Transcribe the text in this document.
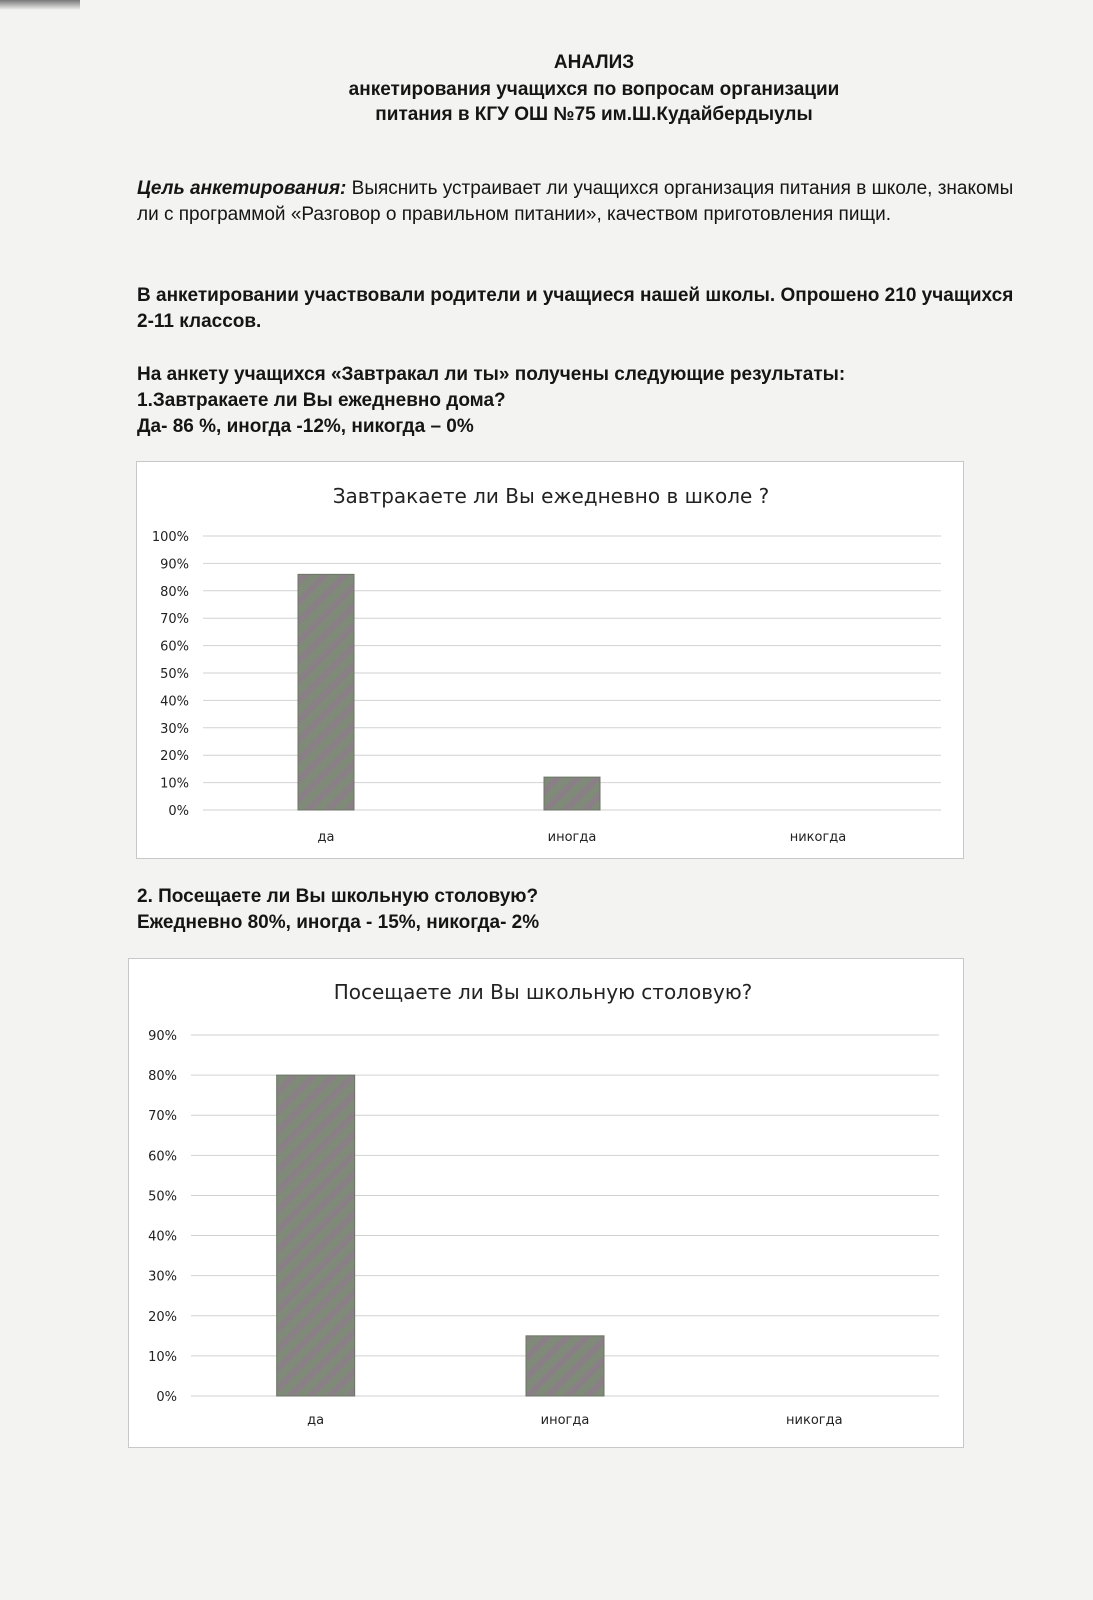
АНАЛИЗ
анкетирования учащихся по вопросам организации
питания в КГУ ОШ №75 им.Ш.Кудайбердыулы
Цель анкетирования: Выяснить устраивает ли учащихся организация питания в школе, знакомы ли с программой «Разговор о правильном питании», качеством приготовления пищи.
В анкетировании участвовали родители и учащиеся нашей школы. Опрошено 210 учащихся 2-11 классов.
На анкету учащихся «Завтракал ли ты» получены следующие результаты:
1.Завтракаете ли Вы ежедневно дома?
Да- 86 %, иногда -12%, никогда – 0%
Завтракаете ли Вы ежедневно в школе ?
0%
10%
20%
30%
40%
50%
60%
70%
80%
90%
100%
да	иногда	никогда
2. Посещаете ли Вы школьную столовую?
Ежедневно 80%, иногда - 15%, никогда- 2%
Посещаете ли Вы школьную столовую?
0%
10%
20%
30%
40%
50%
60%
70%
80%
90%
да	иногда	никогда
